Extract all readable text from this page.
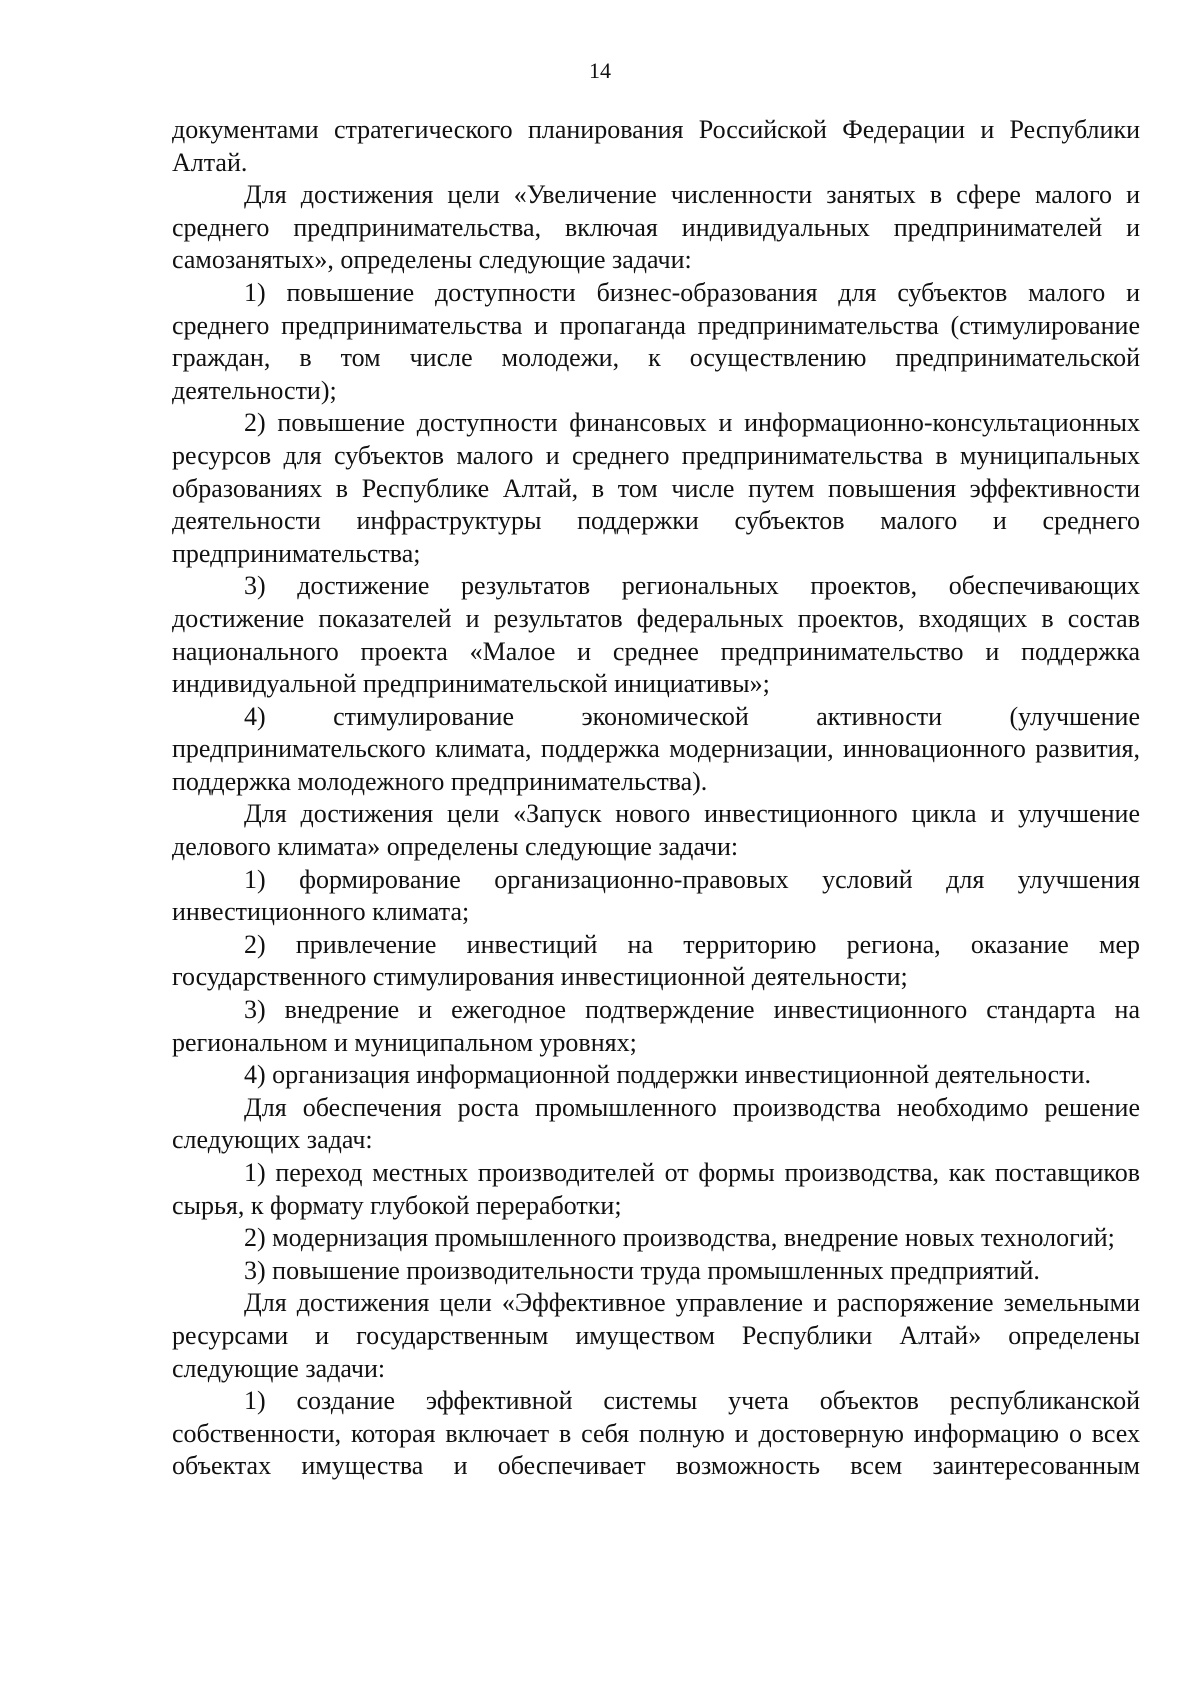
14

документами стратегического планирования Российской Федерации и Республики Алтай.

Для достижения цели «Увеличение численности занятых в сфере малого и среднего предпринимательства, включая индивидуальных предпринимателей и самозанятых», определены следующие задачи:

1) повышение доступности бизнес-образования для субъектов малого и среднего предпринимательства и пропаганда предпринимательства (стимулирование граждан, в том числе молодежи, к осуществлению предпринимательской деятельности);

2) повышение доступности финансовых и информационно-консультационных ресурсов для субъектов малого и среднего предпринимательства в муниципальных образованиях в Республике Алтай, в том числе путем повышения эффективности деятельности инфраструктуры поддержки субъектов малого и среднего предпринимательства;

3) достижение результатов региональных проектов, обеспечивающих достижение показателей и результатов федеральных проектов, входящих в состав национального проекта «Малое и среднее предпринимательство и поддержка индивидуальной предпринимательской инициативы»;

4) стимулирование экономической активности (улучшение предпринимательского климата, поддержка модернизации, инновационного развития, поддержка молодежного предпринимательства).

Для достижения цели «Запуск нового инвестиционного цикла и улучшение делового климата» определены следующие задачи:

1) формирование организационно-правовых условий для улучшения инвестиционного климата;

2) привлечение инвестиций на территорию региона, оказание мер государственного стимулирования инвестиционной деятельности;

3) внедрение и ежегодное подтверждение инвестиционного стандарта на региональном и муниципальном уровнях;

4) организация информационной поддержки инвестиционной деятельности.

Для обеспечения роста промышленного производства необходимо решение следующих задач:

1) переход местных производителей от формы производства, как поставщиков сырья, к формату глубокой переработки;

2) модернизация промышленного производства, внедрение новых технологий;

3) повышение производительности труда промышленных предприятий.

Для достижения цели «Эффективное управление и распоряжение земельными ресурсами и государственным имуществом Республики Алтай» определены следующие задачи:

1) создание эффективной системы учета объектов республиканской собственности, которая включает в себя полную и достоверную информацию о всех объектах имущества и обеспечивает возможность всем заинтересованным
